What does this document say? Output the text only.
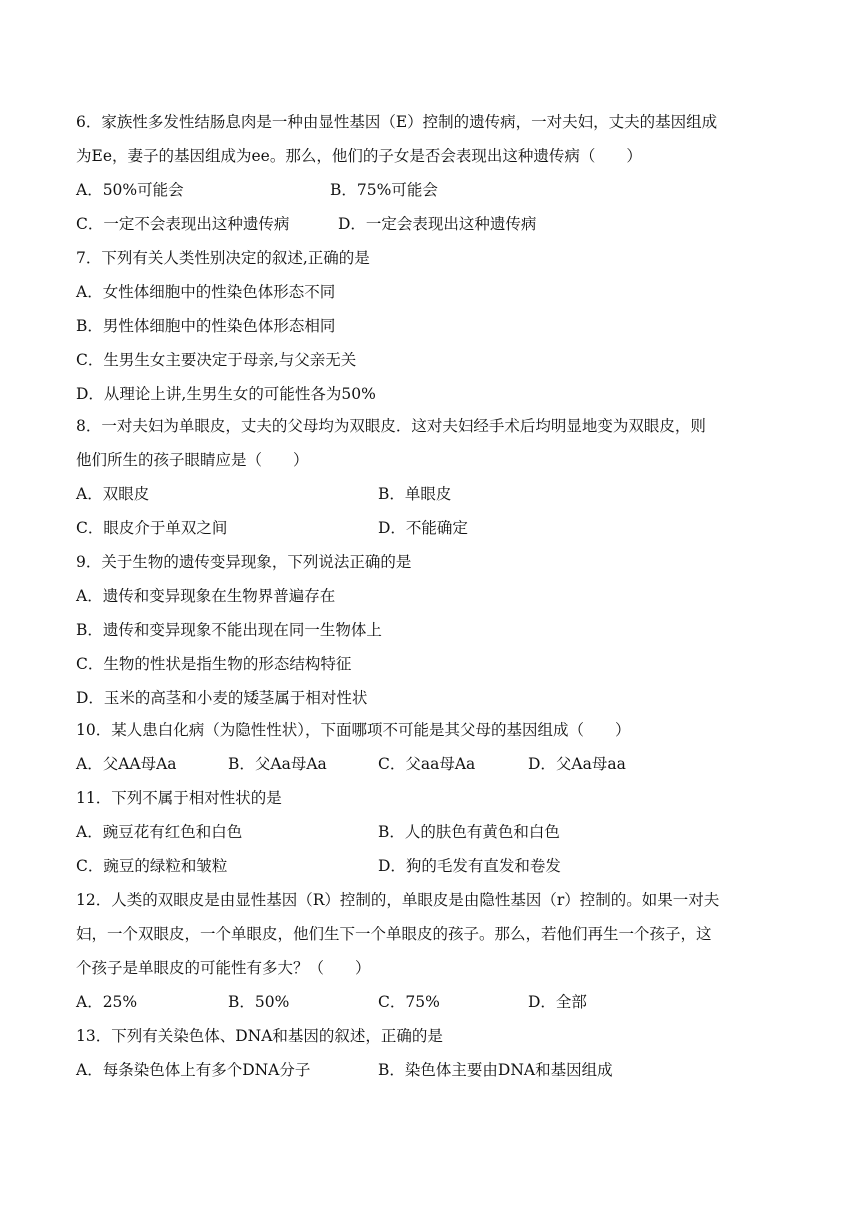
6．家族性多发性结肠息肉是一种由显性基因（E）控制的遗传病，一对夫妇，丈夫的基因组成
为Ee，妻子的基因组成为ee。那么，他们的子女是否会表现出这种遗传病（　　）
A．50%可能会	B．75%可能会
C．一定不会表现出这种遗传病	D．一定会表现出这种遗传病
7．下列有关人类性别决定的叙述,正确的是
A．女性体细胞中的性染色体形态不同
B．男性体细胞中的性染色体形态相同
C．生男生女主要决定于母亲,与父亲无关
D．从理论上讲,生男生女的可能性各为50%
8．一对夫妇为单眼皮，丈夫的父母均为双眼皮．这对夫妇经手术后均明显地变为双眼皮，则
他们所生的孩子眼睛应是（　　）
A．双眼皮	B．单眼皮
C．眼皮介于单双之间	D．不能确定
9．关于生物的遗传变异现象，下列说法正确的是
A．遗传和变异现象在生物界普遍存在
B．遗传和变异现象不能出现在同一生物体上
C．生物的性状是指生物的形态结构特征
D．玉米的高茎和小麦的矮茎属于相对性状
10．某人患白化病（为隐性性状），下面哪项不可能是其父母的基因组成（　　）
A．父AA母Aa	B．父Aa母Aa	C．父aa母Aa	D．父Aa母aa
11．下列不属于相对性状的是
A．豌豆花有红色和白色	B．人的肤色有黄色和白色
C．豌豆的绿粒和皱粒	D．狗的毛发有直发和卷发
12．人类的双眼皮是由显性基因（R）控制的，单眼皮是由隐性基因（r）控制的。如果一对夫
妇，一个双眼皮，一个单眼皮，他们生下一个单眼皮的孩子。那么，若他们再生一个孩子，这
个孩子是单眼皮的可能性有多大？（　　）
A．25%	B．50%	C．75%	D．全部
13．下列有关染色体、DNA和基因的叙述，正确的是
A．每条染色体上有多个DNA分子	B．染色体主要由DNA和基因组成
